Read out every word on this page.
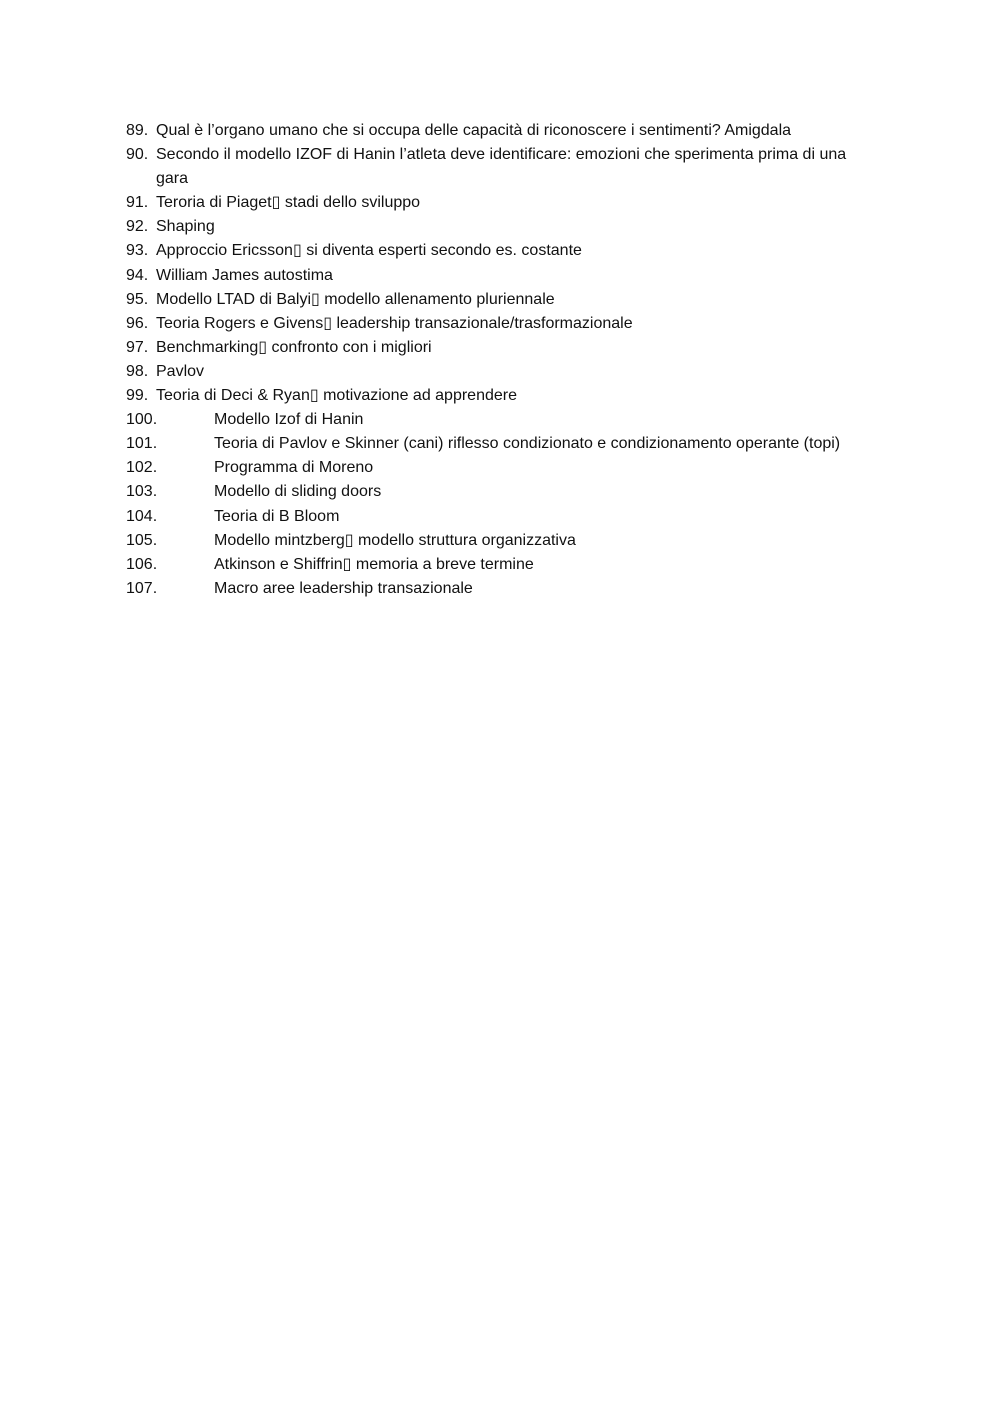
89. Qual è l’organo umano che si occupa delle capacità di riconoscere i sentimenti? Amigdala
90. Secondo il modello IZOF di Hanin l’atleta deve identificare: emozioni che sperimenta prima di una gara
91. Teroria di Piaget▯ stadi dello sviluppo
92. Shaping
93. Approccio Ericsson▯ si diventa esperti secondo es. costante
94. William James autostima
95. Modello LTAD di Balyi▯ modello allenamento pluriennale
96. Teoria Rogers e Givens▯ leadership transazionale/trasformazionale
97. Benchmarking▯ confronto con i migliori
98. Pavlov
99. Teoria di Deci & Ryan▯ motivazione ad apprendere
100.	Modello Izof di Hanin
101.	Teoria di Pavlov e Skinner (cani) riflesso condizionato e condizionamento operante (topi)
102.	Programma di Moreno
103.	Modello di sliding doors
104.	Teoria di B Bloom
105.	Modello mintzberg▯ modello struttura organizzativa
106.	Atkinson e Shiffrin▯ memoria a breve termine
107.	Macro aree leadership transazionale
